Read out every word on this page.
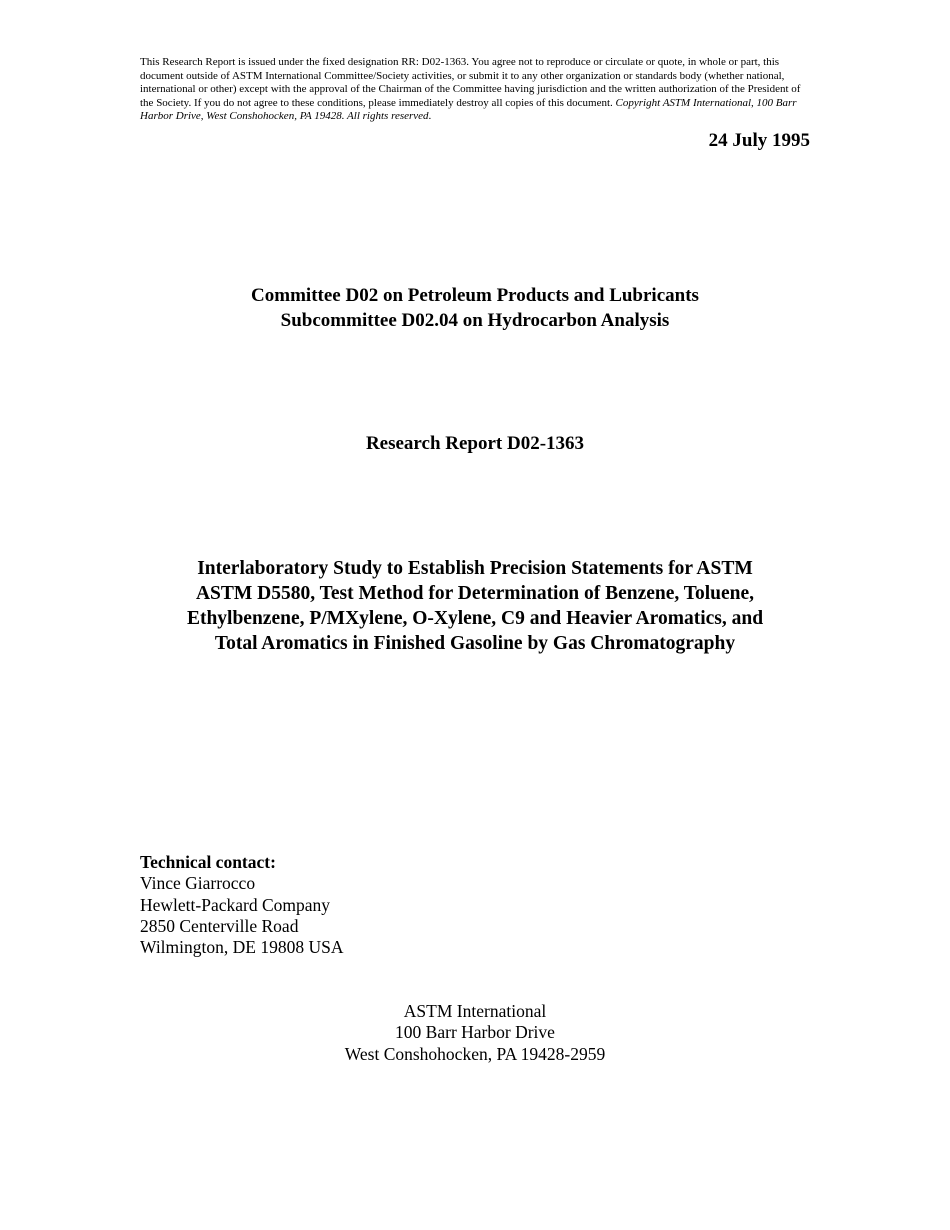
This Research Report is issued under the fixed designation RR: D02-1363. You agree not to reproduce or circulate or quote, in whole or part, this document outside of ASTM International Committee/Society activities, or submit it to any other organization or standards body (whether national, international or other) except with the approval of the Chairman of the Committee having jurisdiction and the written authorization of the President of the Society. If you do not agree to these conditions, please immediately destroy all copies of this document. Copyright ASTM International, 100 Barr Harbor Drive, West Conshohocken, PA 19428. All rights reserved.
24 July 1995
Committee D02 on Petroleum Products and Lubricants
Subcommittee D02.04 on Hydrocarbon Analysis
Research Report D02-1363
Interlaboratory Study to Establish Precision Statements for ASTM
ASTM D5580, Test Method for Determination of Benzene, Toluene,
Ethylbenzene, P/MXylene, O-Xylene, C9 and Heavier Aromatics, and
Total Aromatics in Finished Gasoline by Gas Chromatography
Technical contact:
Vince Giarrocco
Hewlett-Packard Company
2850 Centerville Road
Wilmington, DE 19808 USA
ASTM International
100 Barr Harbor Drive
West Conshohocken, PA 19428-2959
